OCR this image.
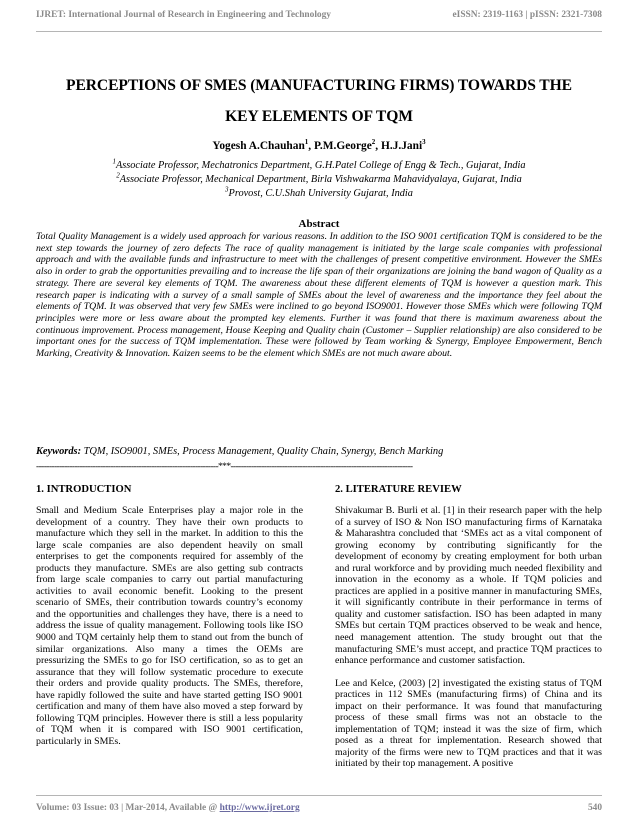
IJRET: International Journal of Research in Engineering and Technology	eISSN: 2319-1163 | pISSN: 2321-7308
PERCEPTIONS OF SMES (MANUFACTURING FIRMS) TOWARDS THE
KEY ELEMENTS OF TQM
Yogesh A.Chauhan$^1$, P.M.George$^2$, H.J.Jani$^3$
$^1$Associate Professor, Mechatronics Department, G.H.Patel College of Engg & Tech., Gujarat, India
$^2$Associate Professor, Mechanical Department, Birla Vishwakarma Mahavidyalaya, Gujarat, India
$^3$Provost, C.U.Shah University Gujarat, India
Abstract
Total Quality Management is a widely used approach for various reasons. In addition to the ISO 9001 certification TQM is considered to be the next step towards the journey of zero defects The race of quality management is initiated by the large scale companies with professional approach and with the available funds and infrastructure to meet with the challenges of present competitive environment. However the SMEs also in order to grab the opportunities prevailing and to increase the life span of their organizations are joining the band wagon of Quality as a strategy. There are several key elements of TQM. The awareness about these different elements of TQM is however a question mark. This research paper is indicating with a survey of a small sample of SMEs about the level of awareness and the importance they feel about the elements of TQM. It was observed that very few SMEs were inclined to go beyond ISO9001. However those SMEs which were following TQM principles were more or less aware about the prompted key elements. Further it was found that there is maximum awareness about the continuous improvement. Process management, House Keeping and Quality chain (Customer – Supplier relationship) are also considered to be important ones for the success of TQM implementation. These were followed by Team working & Synergy, Employee Empowerment, Bench Marking, Creativity & Innovation. Kaizen seems to be the element which SMEs are not much aware about.
Keywords: TQM, ISO9001, SMEs, Process Management, Quality Chain, Synergy, Bench Marking
-----------------------------------------------------------------------***-----------------------------------------------------------------------
1. INTRODUCTION

Small and Medium Scale Enterprises play a major role in the development of a country. They have their own products to manufacture which they sell in the market. In addition to this the large scale companies are also dependent heavily on small enterprises to get the components required for assembly of the products they manufacture. SMEs are also getting sub contracts from large scale companies to carry out partial manufacturing activities to avail economic benefit. Looking to the present scenario of SMEs, their contribution towards country’s economy and the opportunities and challenges they have, there is a need to address the issue of quality management. Following tools like ISO 9000 and TQM certainly help them to stand out from the bunch of similar organizations. Also many a times the OEMs are pressurizing the SMEs to go for ISO certification, so as to get an assurance that they will follow systematic procedure to execute their orders and provide quality products. The SMEs, therefore, have rapidly followed the suite and have started getting ISO 9001 certification and many of them have also moved a step forward by following TQM principles. However there is still a less popularity of TQM when it is compared with ISO 9001 certification, particularly in SMEs.

2. LITERATURE REVIEW

Shivakumar B. Burli et al. [1] in their research paper with the help of a survey of ISO & Non ISO manufacturing firms of Karnataka & Maharashtra concluded that ‘SMEs act as a vital component of growing economy by contributing significantly for the development of economy by creating employment for both urban and rural workforce and by providing much needed flexibility and innovation in the economy as a whole. If TQM policies and practices are applied in a positive manner in manufacturing SMEs, it will significantly contribute in their performance in terms of quality and customer satisfaction. ISO has been adapted in many SMEs but certain TQM practices observed to be weak and hence, need management attention. The study brought out that the manufacturing SME’s must accept, and practice TQM practices to enhance performance and customer satisfaction.

Lee and Kelce, (2003) [2] investigated the existing status of TQM practices in 112 SMEs (manufacturing firms) of China and its impact on their performance. It was found that manufacturing process of these small firms was not an obstacle to the implementation of TQM; instead it was the size of firm, which posed as a threat for implementation. Research showed that majority of the firms were new to TQM practices and that it was initiated by their top management. A positive

Volume: 03 Issue: 03 | Mar-2014, Available @ http://www.ijret.org	540
